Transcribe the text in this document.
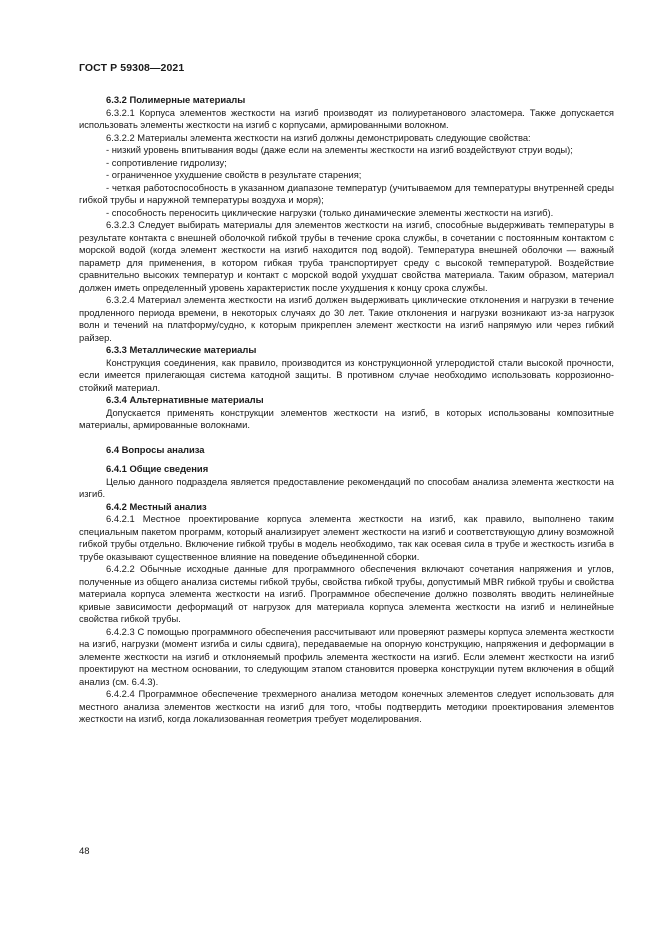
ГОСТ Р 59308—2021

6.3.2 Полимерные материалы

6.3.2.1 Корпуса элементов жесткости на изгиб производят из полиуретанового эластомера. Также допускается использовать элементы жесткости на изгиб с корпусами, армированными волокном.

6.3.2.2 Материалы элемента жесткости на изгиб должны демонстрировать следующие свойства:

- низкий уровень впитывания воды (даже если на элементы жесткости на изгиб воздействуют струи воды);

- сопротивление гидролизу;

- ограниченное ухудшение свойств в результате старения;

- четкая работоспособность в указанном диапазоне температур (учитываемом для температуры внутренней среды гибкой трубы и наружной температуры воздуха и моря);

- способность переносить циклические нагрузки (только динамические элементы жесткости на изгиб).

6.3.2.3 Следует выбирать материалы для элементов жесткости на изгиб, способные выдерживать температуры в результате контакта с внешней оболочкой гибкой трубы в течение срока службы, в сочетании с постоянным контактом с морской водой (когда элемент жесткости на изгиб находится под водой). Температура внешней оболочки — важный параметр для применения, в котором гибкая труба транспортирует среду с высокой температурой. Воздействие сравнительно высоких температур и контакт с морской водой ухудшат свойства материала. Таким образом, материал должен иметь определенный уровень характеристик после ухудшения к концу срока службы.

6.3.2.4 Материал элемента жесткости на изгиб должен выдерживать циклические отклонения и нагрузки в течение продленного периода времени, в некоторых случаях до 30 лет. Такие отклонения и нагрузки возникают из-за нагрузок волн и течений на платформу/судно, к которым прикреплен элемент жесткости на изгиб напрямую или через гибкий райзер.

6.3.3 Металлические материалы

Конструкция соединения, как правило, производится из конструкционной углеродистой стали высокой прочности, если имеется прилегающая система катодной защиты. В противном случае необходимо использовать коррозионно-стойкий материал.

6.3.4 Альтернативные материалы

Допускается применять конструкции элементов жесткости на изгиб, в которых использованы композитные материалы, армированные волокнами.

6.4 Вопросы анализа

6.4.1 Общие сведения

Целью данного подраздела является предоставление рекомендаций по способам анализа элемента жесткости на изгиб.

6.4.2 Местный анализ

6.4.2.1 Местное проектирование корпуса элемента жесткости на изгиб, как правило, выполнено таким специальным пакетом программ, который анализирует элемент жесткости на изгиб и соответствующую длину возможной гибкой трубы отдельно. Включение гибкой трубы в модель необходимо, так как осевая сила в трубе и жесткость изгиба в трубе оказывают существенное влияние на поведение объединенной сборки.

6.4.2.2 Обычные исходные данные для программного обеспечения включают сочетания напряжения и углов, полученные из общего анализа системы гибкой трубы, свойства гибкой трубы, допустимый MBR гибкой трубы и свойства материала корпуса элемента жесткости на изгиб. Программное обеспечение должно позволять вводить нелинейные кривые зависимости деформаций от нагрузок для материала корпуса элемента жесткости на изгиб и нелинейные свойства гибкой трубы.

6.4.2.3 С помощью программного обеспечения рассчитывают или проверяют размеры корпуса элемента жесткости на изгиб, нагрузки (момент изгиба и силы сдвига), передаваемые на опорную конструкцию, напряжения и деформации в элементе жесткости на изгиб и отклоняемый профиль элемента жесткости на изгиб. Если элемент жесткости на изгиб проектируют на местном основании, то следующим этапом становится проверка конструкции путем включения в общий анализ (см. 6.4.3).

6.4.2.4 Программное обеспечение трехмерного анализа методом конечных элементов следует использовать для местного анализа элементов жесткости на изгиб для того, чтобы подтвердить методики проектирования элементов жесткости на изгиб, когда локализованная геометрия требует моделирования.

48
